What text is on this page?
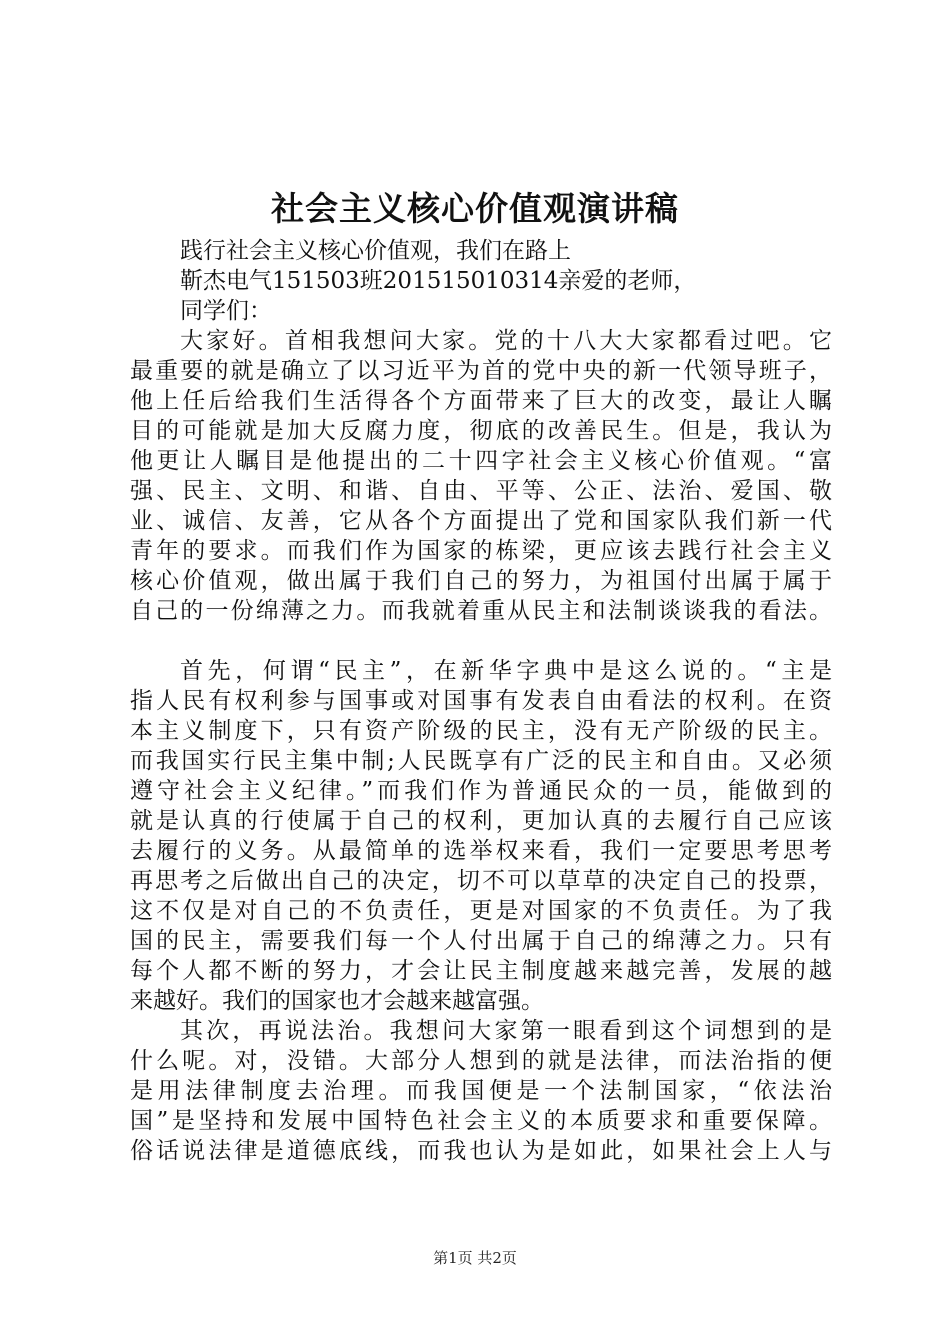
社会主义核心价值观演讲稿
践行社会主义核心价值观，我们在路上
靳杰电气151503班201515010314亲爱的老师，
同学们：
大家好。首相我想问大家。党的十八大大家都看过吧。它
最重要的就是确立了以习近平为首的党中央的新一代领导班子，
他上任后给我们生活得各个方面带来了巨大的改变，最让人瞩
目的可能就是加大反腐力度，彻底的改善民生。但是，我认为
他更让人瞩目是他提出的二十四字社会主义核心价值观。“富
强、民主、文明、和谐、自由、平等、公正、法治、爱国、敬
业、诚信、友善，它从各个方面提出了党和国家队我们新一代
青年的要求。而我们作为国家的栋梁，更应该去践行社会主义
核心价值观，做出属于我们自己的努力，为祖国付出属于属于
自己的一份绵薄之力。而我就着重从民主和法制谈谈我的看法。
首先，何谓“民主”，在新华字典中是这么说的。“主是
指人民有权利参与国事或对国事有发表自由看法的权利。在资
本主义制度下，只有资产阶级的民主，没有无产阶级的民主。
而我国实行民主集中制;人民既享有广泛的民主和自由。又必须
遵守社会主义纪律。”而我们作为普通民众的一员，能做到的
就是认真的行使属于自己的权利，更加认真的去履行自己应该
去履行的义务。从最简单的选举权来看，我们一定要思考思考
再思考之后做出自己的决定，切不可以草草的决定自己的投票，
这不仅是对自己的不负责任，更是对国家的不负责任。为了我
国的民主，需要我们每一个人付出属于自己的绵薄之力。只有
每个人都不断的努力，才会让民主制度越来越完善，发展的越
来越好。我们的国家也才会越来越富强。
其次，再说法治。我想问大家第一眼看到这个词想到的是
什么呢。对，没错。大部分人想到的就是法律，而法治指的便
是用法律制度去治理。而我国便是一个法制国家，“依法治
国”是坚持和发展中国特色社会主义的本质要求和重要保障。
俗话说法律是道德底线，而我也认为是如此，如果社会上人与
第1页 共2页
